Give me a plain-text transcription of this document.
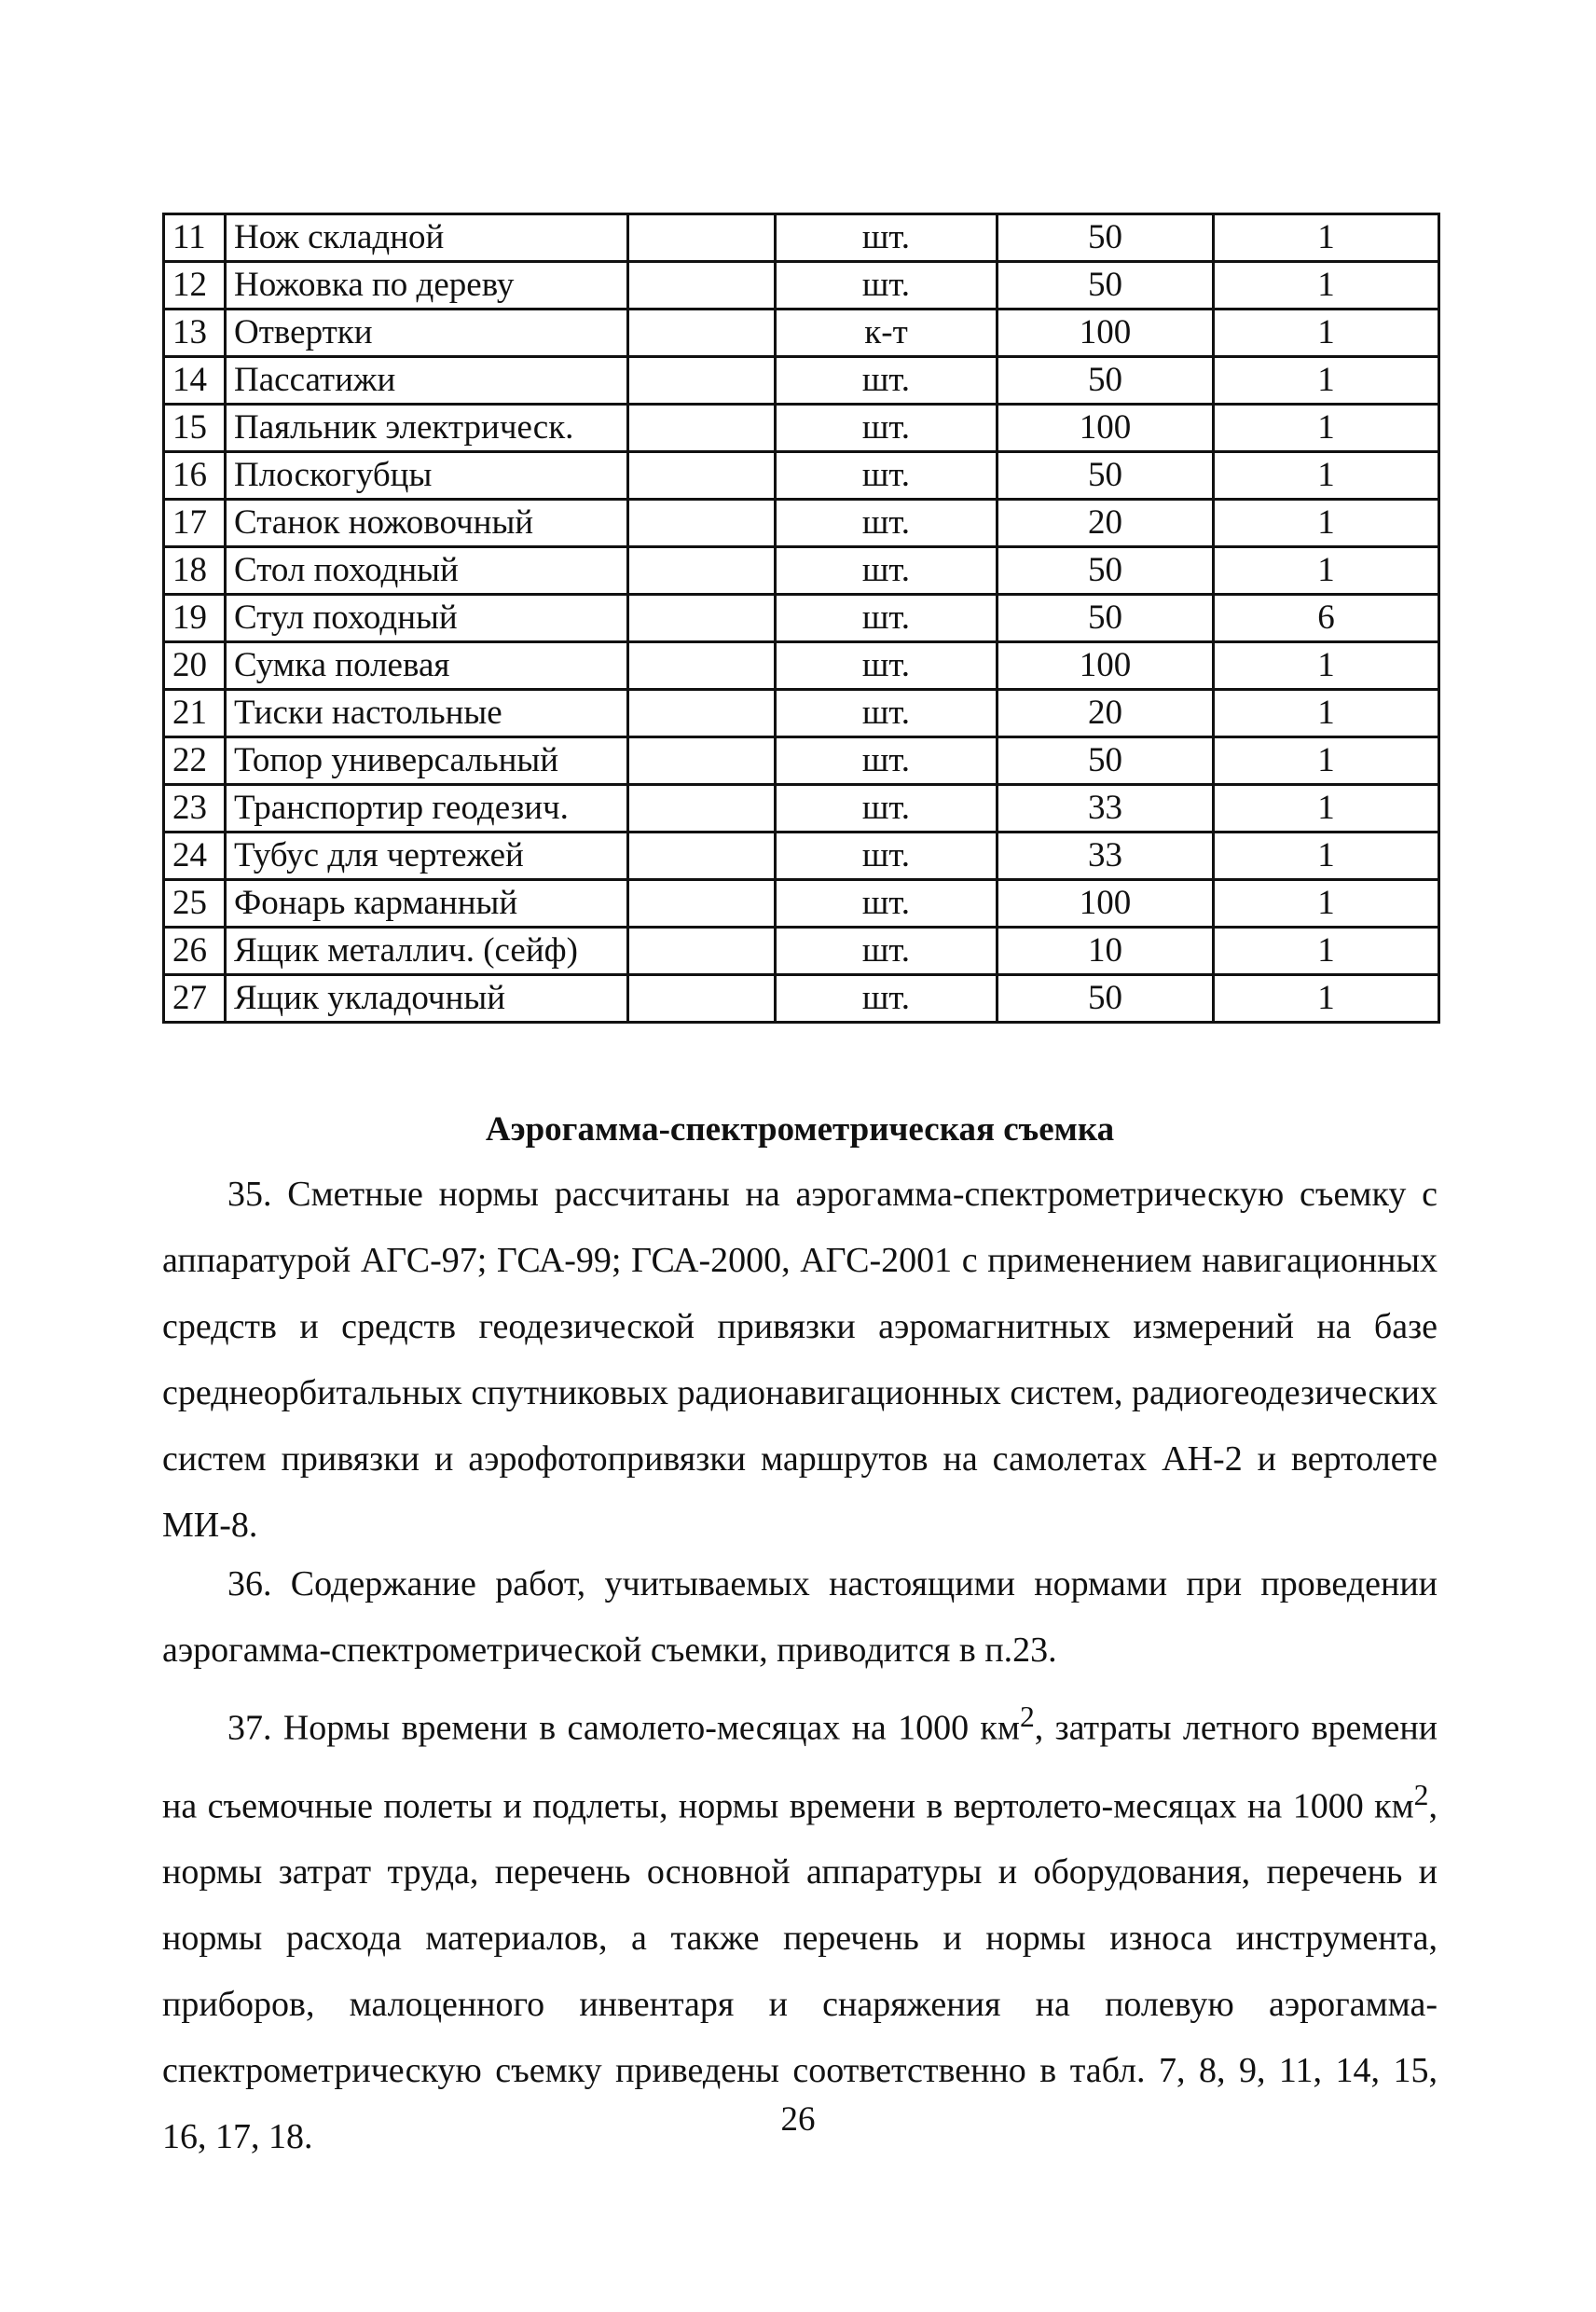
11	Нож складной		шт.	50	1
12	Ножовка по дереву		шт.	50	1
13	Отвертки		к-т	100	1
14	Пассатижи		шт.	50	1
15	Паяльник электрическ.		шт.	100	1
16	Плоскогубцы		шт.	50	1
17	Станок ножовочный		шт.	20	1
18	Стол походный		шт.	50	1
19	Стул походный		шт.	50	6
20	Сумка полевая		шт.	100	1
21	Тиски настольные		шт.	20	1
22	Топор универсальный		шт.	50	1
23	Транспортир геодезич.		шт.	33	1
24	Тубус для чертежей		шт.	33	1
25	Фонарь карманный		шт.	100	1
26	Ящик металлич. (сейф)		шт.	10	1
27	Ящик укладочный		шт.	50	1
Аэрогамма-спектрометрическая съемка

35. Сметные нормы рассчитаны на аэрогамма-спектрометрическую съемку с аппаратурой АГС-97; ГСА-99; ГСА-2000, АГС-2001 с применением навигационных средств и средств геодезической привязки аэромагнитных измерений на базе среднеорбитальных спутниковых радионавигационных систем, радиогеодезических систем привязки и аэрофотопривязки маршрутов на самолетах АН-2 и вертолете МИ-8.

36. Содержание работ, учитываемых настоящими нормами при проведении аэрогамма-спектрометрической съемки, приводится в п.23.

37. Нормы времени в самолето-месяцах на 1000 $км^2$, затраты летного времени на съемочные полеты и подлеты, нормы времени в вертолето-месяцах на 1000 $км^2$, нормы затрат труда, перечень основной аппаратуры и оборудования, перечень и нормы расхода материалов, а также перечень и нормы износа инструмента, приборов, малоценного инвентаря и снаряжения на полевую аэрогамма-спектрометрическую съемку приведены соответственно в табл. 7, 8, 9, 11, 14, 15, 16, 17, 18.	26
